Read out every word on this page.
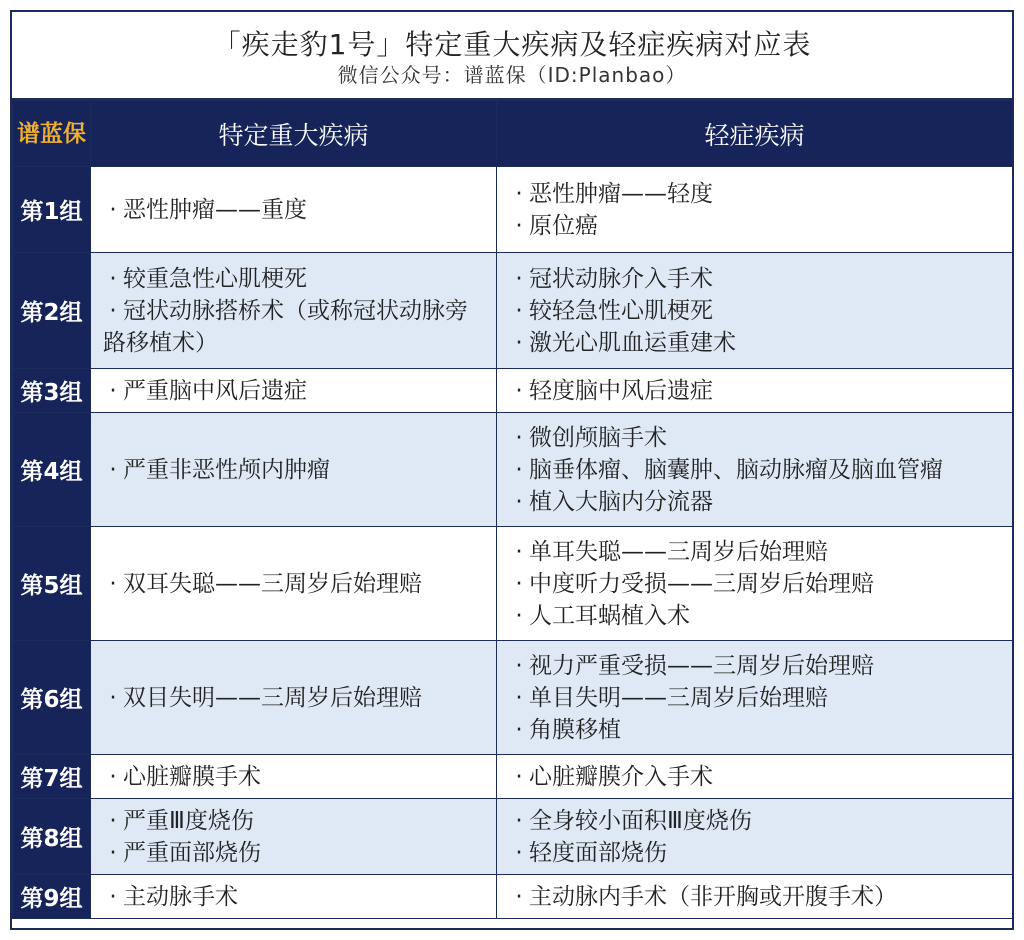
「疾走豹1号」特定重大疾病及轻症疾病对应表
微信公众号：谱蓝保（ID:Planbao）
谱蓝保	特定重大疾病	轻症疾病
第1组	· 恶性肿瘤——重度	· 恶性肿瘤——轻度
· 原位癌

第2组	· 较重急性心肌梗死
· 冠状动脉搭桥术（或称冠状动脉旁路移植术）	· 冠状动脉介入手术
· 较轻急性心肌梗死
· 激光心肌血运重建术

第3组	· 严重脑中风后遗症	· 轻度脑中风后遗症

第4组	· 严重非恶性颅内肿瘤	· 微创颅脑手术
· 脑垂体瘤、脑囊肿、脑动脉瘤及脑血管瘤
· 植入大脑内分流器

第5组	· 双耳失聪——三周岁后始理赔	· 单耳失聪——三周岁后始理赔
· 中度听力受损——三周岁后始理赔
· 人工耳蜗植入术

第6组	· 双目失明——三周岁后始理赔	· 视力严重受损——三周岁后始理赔
· 单目失明——三周岁后始理赔
· 角膜移植

第7组	· 心脏瓣膜手术	· 心脏瓣膜介入手术

第8组	· 严重Ⅲ度烧伤
· 严重面部烧伤	· 全身较小面积Ⅲ度烧伤
· 轻度面部烧伤

第9组	· 主动脉手术	· 主动脉内手术（非开胸或开腹手术）
